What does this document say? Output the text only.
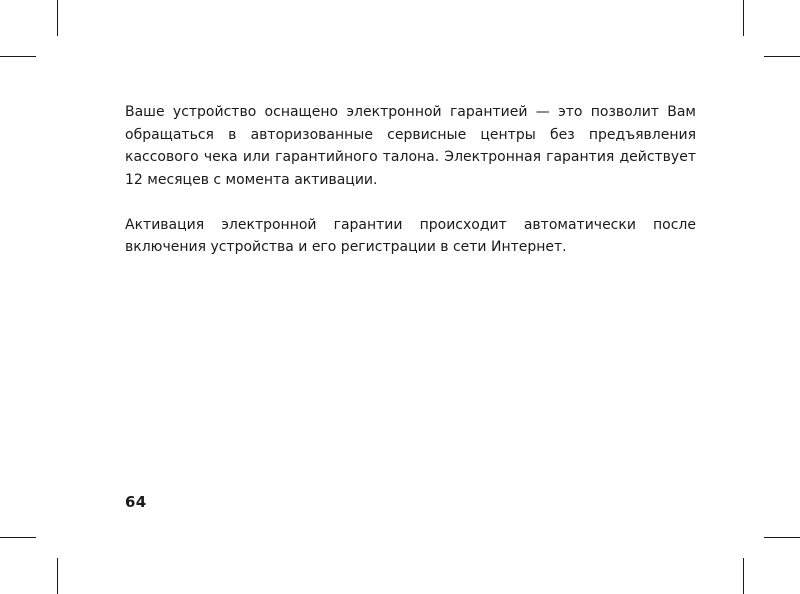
Ваше устройство оснащено электронной гарантией — это позволит Вам обращаться в авторизованные сервисные центры без предъявления кассового чека или гарантийного талона. Электронная гарантия действует 12 месяцев с момента активации.

Активация электронной гарантии происходит автоматически после включения устройства и его регистрации в сети Интернет.

64
